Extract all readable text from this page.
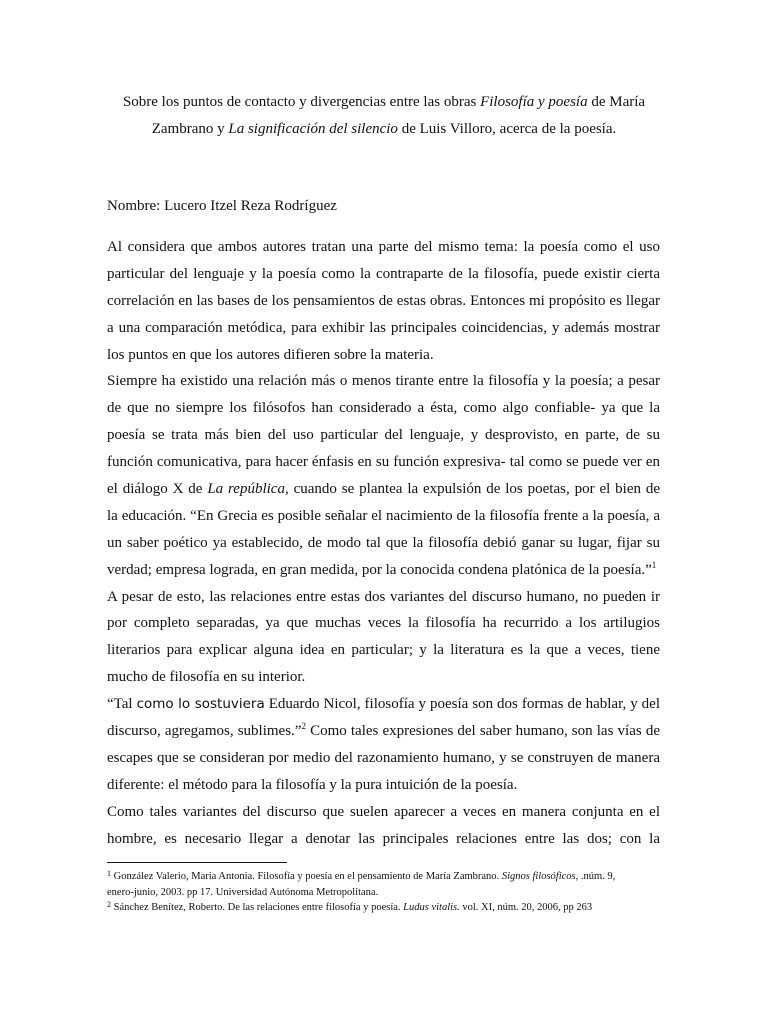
Sobre los puntos de contacto y divergencias entre las obras Filosofía y poesía de María
Zambrano y La significación del silencio de Luis Villoro, acerca de la poesía.
Nombre: Lucero Itzel Reza Rodríguez
Al considera que ambos autores tratan una parte del mismo tema: la poesía como el uso
particular del lenguaje y la poesía como la contraparte de la filosofía, puede existir cierta
correlación en las bases de los pensamientos de estas obras. Entonces mi propósito es llegar
a una comparación metódica, para exhibir las principales coincidencias, y además mostrar
los puntos en que los autores difieren sobre la materia.
Siempre ha existido una relación más o menos tirante entre la filosofía y la poesía; a pesar
de que no siempre los filósofos han considerado a ésta, como algo confiable- ya que la
poesía se trata más bien del uso particular del lenguaje, y desprovisto, en parte, de su
función comunicativa, para hacer énfasis en su función expresiva- tal como se puede ver en
el diálogo X de La república, cuando se plantea la expulsión de los poetas, por el bien de
la educación. “En Grecia es posible señalar el nacimiento de la filosofía frente a la poesía, a
un saber poético ya establecido, de modo tal que la filosofía debió ganar su lugar, fijar su
verdad; empresa lograda, en gran medida, por la conocida condena platónica de la poesía.”$^1$
A pesar de esto, las relaciones entre estas dos variantes del discurso humano, no pueden ir
por completo separadas, ya que muchas veces la filosofía ha recurrido a los artilugios
literarios para explicar alguna idea en particular; y la literatura es la que a veces, tiene
mucho de filosofía en su interior.
“Tal como lo sostuviera Eduardo Nicol, filosofía y poesía son dos formas de hablar, y del
discurso, agregamos, sublimes.”$^2$ Como tales expresiones del saber humano, son las vías de
escapes que se consideran por medio del razonamiento humano, y se construyen de manera
diferente: el método para la filosofía y la pura intuición de la poesía.
Como tales variantes del discurso que suelen aparecer a veces en manera conjunta en el
hombre, es necesario llegar a denotar las principales relaciones entre las dos; con la
$^1$ González Valerio, María Antonia. Filosofía y poesía en el pensamiento de María Zambrano. Signos filosóficos, .núm. 9,
enero-junio, 2003. pp 17. Universidad Autónoma Metropolitana.
$^2$ Sánchez Benítez, Roberto. De las relaciones entre filosofía y poesía. Ludus vitalis. vol. XI, núm. 20, 2006, pp 263
